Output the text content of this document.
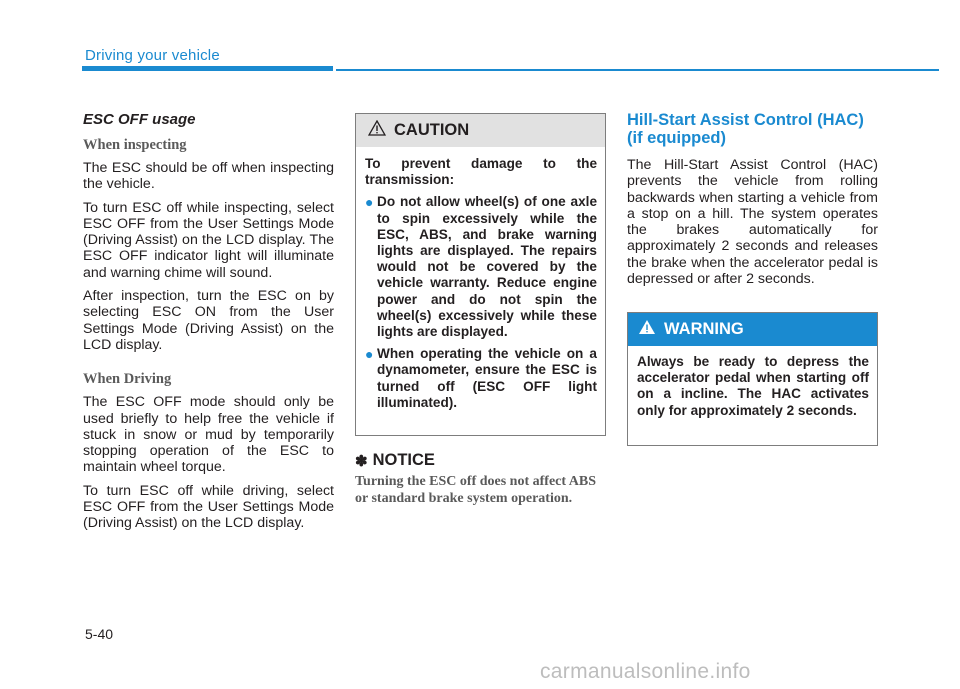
Driving your vehicle
ESC OFF usage
When inspecting

The ESC should be off when inspecting the vehicle.

To turn ESC off while inspecting, select ESC OFF from the User Settings Mode (Driving Assist) on the LCD display. The ESC OFF indicator light will illuminate and warning chime will sound.

After inspection, turn the ESC on by selecting ESC ON from the User Settings Mode (Driving Assist) on the LCD display.

When Driving

The ESC OFF mode should only be used briefly to help free the vehicle if stuck in snow or mud by temporarily stopping operation of the ESC to maintain wheel torque.

To turn ESC off while driving, select ESC OFF from the User Settings Mode (Driving Assist) on the LCD display.

CAUTION

To prevent damage to the transmission:

● Do not allow wheel(s) of one axle to spin excessively while the ESC, ABS, and brake warning lights are displayed. The repairs would not be covered by the vehicle warranty. Reduce engine power and do not spin the wheel(s) excessively while these lights are displayed.
● When operating the vehicle on a dynamometer, ensure the ESC is turned off (ESC OFF light illuminated).
✽ NOTICE
Turning the ESC off does not affect ABS or standard brake system operation.
Hill-Start Assist Control (HAC) (if equipped)

The Hill-Start Assist Control (HAC) prevents the vehicle from rolling backwards when starting a vehicle from a stop on a hill. The system operates the brakes automatically for approximately 2 seconds and releases the brake when the accelerator pedal is depressed or after 2 seconds.

WARNING

Always be ready to depress the accelerator pedal when starting off on a incline. The HAC activates only for approximately 2 seconds.

5-40
carmanualsonline.info
